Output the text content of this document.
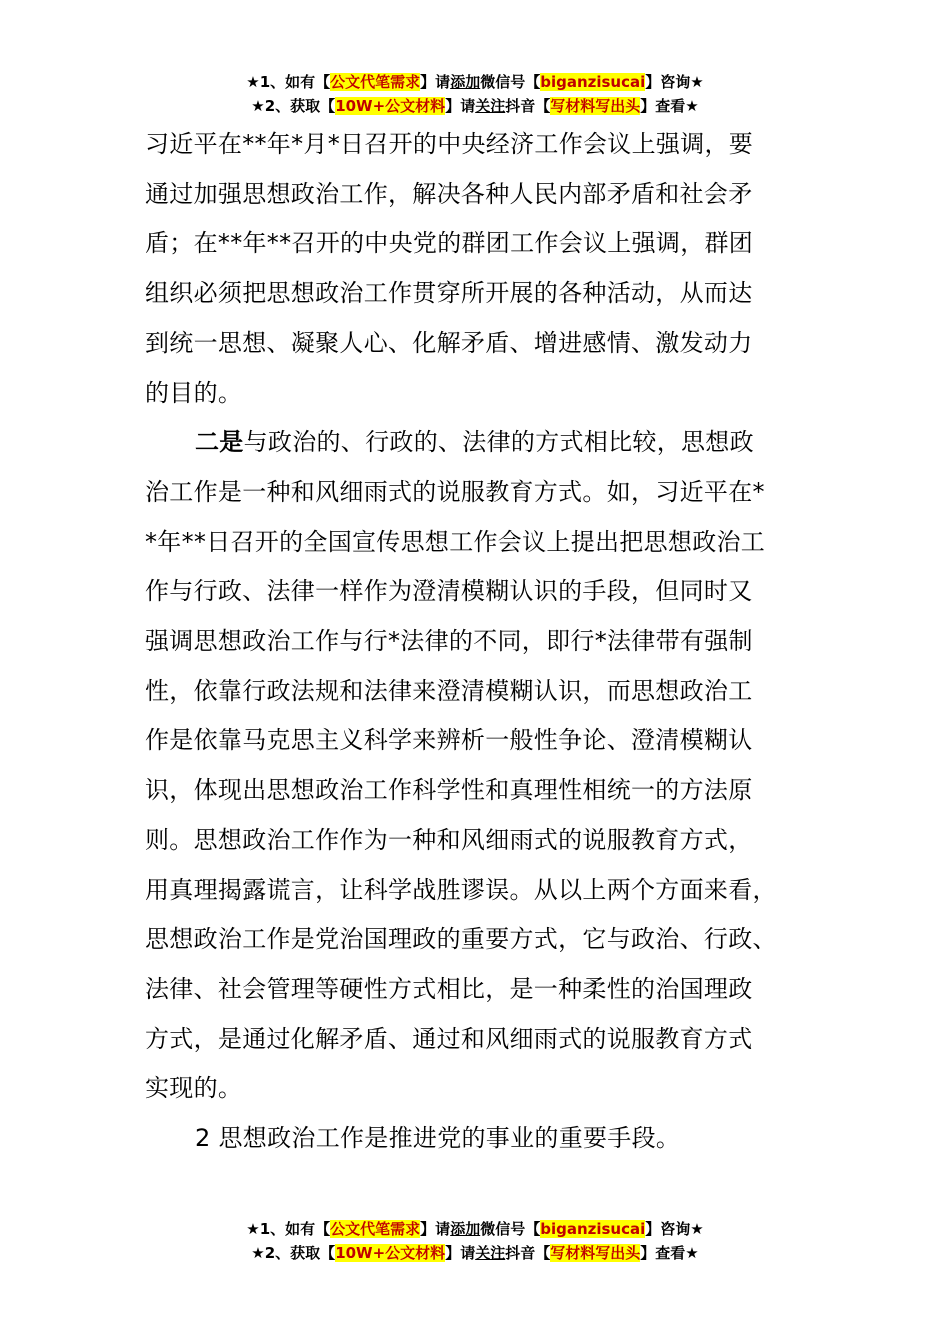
★1、如有【公文代笔需求】请添加微信号【biganzisucai】咨询★
★2、获取【10W+公文材料】请关注抖音【写材料写出头】查看★
习近平在**年*月*日召开的中央经济工作会议上强调，要
通过加强思想政治工作，解决各种人民内部矛盾和社会矛
盾；在**年**召开的中央党的群团工作会议上强调，群团
组织必须把思想政治工作贯穿所开展的各种活动，从而达
到统一思想、凝聚人心、化解矛盾、增进感情、激发动力
的目的。
二是与政治的、行政的、法律的方式相比较，思想政
治工作是一种和风细雨式的说服教育方式。如，习近平在*
*年**日召开的全国宣传思想工作会议上提出把思想政治工
作与行政、法律一样作为澄清模糊认识的手段，但同时又
强调思想政治工作与行*法律的不同，即行*法律带有强制
性，依靠行政法规和法律来澄清模糊认识，而思想政治工
作是依靠马克思主义科学来辨析一般性争论、澄清模糊认
识，体现出思想政治工作科学性和真理性相统一的方法原
则。思想政治工作作为一种和风细雨式的说服教育方式，
用真理揭露谎言，让科学战胜谬误。从以上两个方面来看，
思想政治工作是党治国理政的重要方式，它与政治、行政、
法律、社会管理等硬性方式相比，是一种柔性的治国理政
方式，是通过化解矛盾、通过和风细雨式的说服教育方式
实现的。
2 思想政治工作是推进党的事业的重要手段。
★1、如有【公文代笔需求】请添加微信号【biganzisucai】咨询★
★2、获取【10W+公文材料】请关注抖音【写材料写出头】查看★
